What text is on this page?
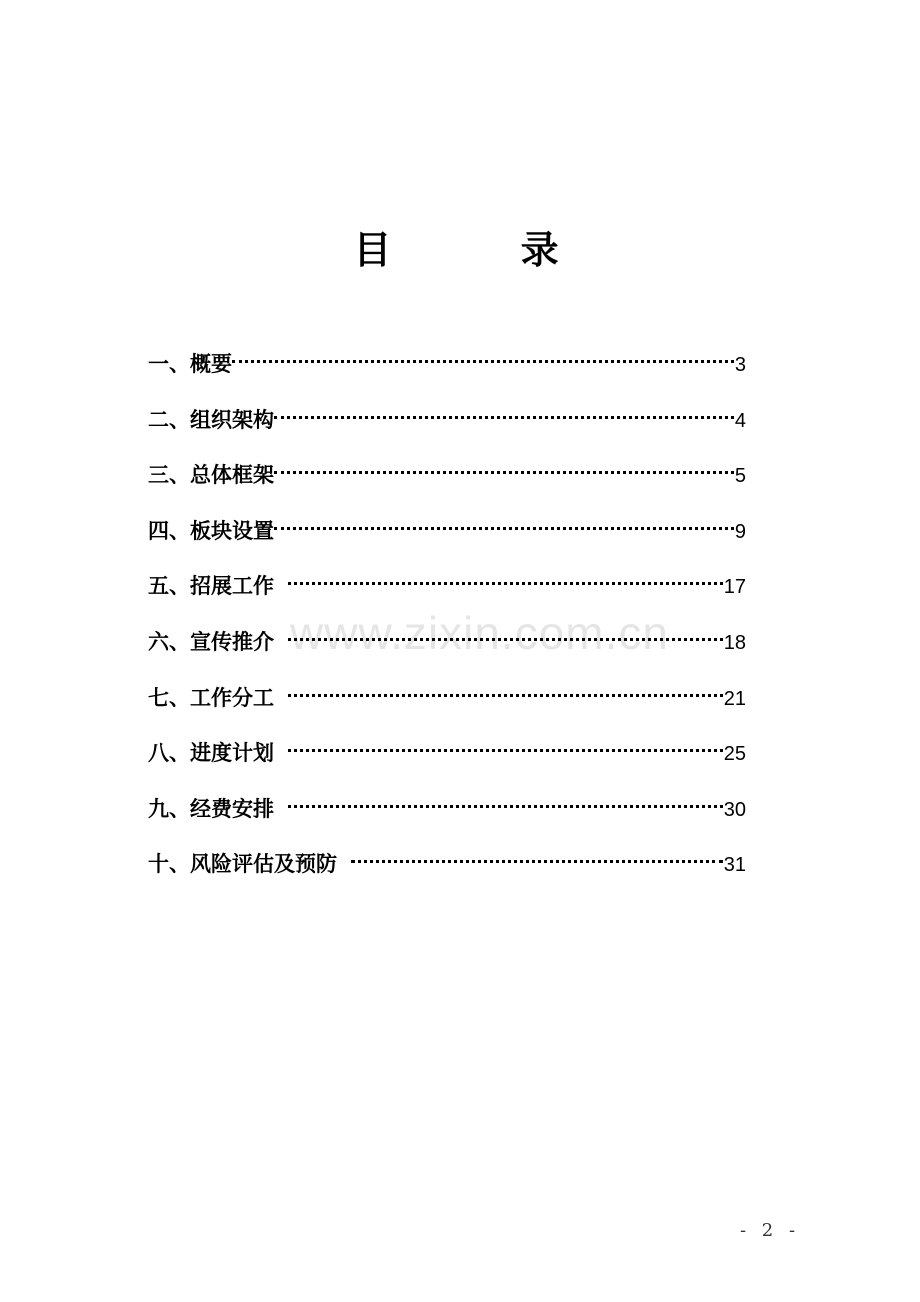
目 录
一、概要	3
二、组织架构	4
三、总体框架	5
四、板块设置	9
五、招展工作	17
六、宣传推介	18
七、工作分工	21
八、进度计划	25
九、经费安排	30
十、风险评估及预防	31
www.zixin.com.cn
- 2 -
